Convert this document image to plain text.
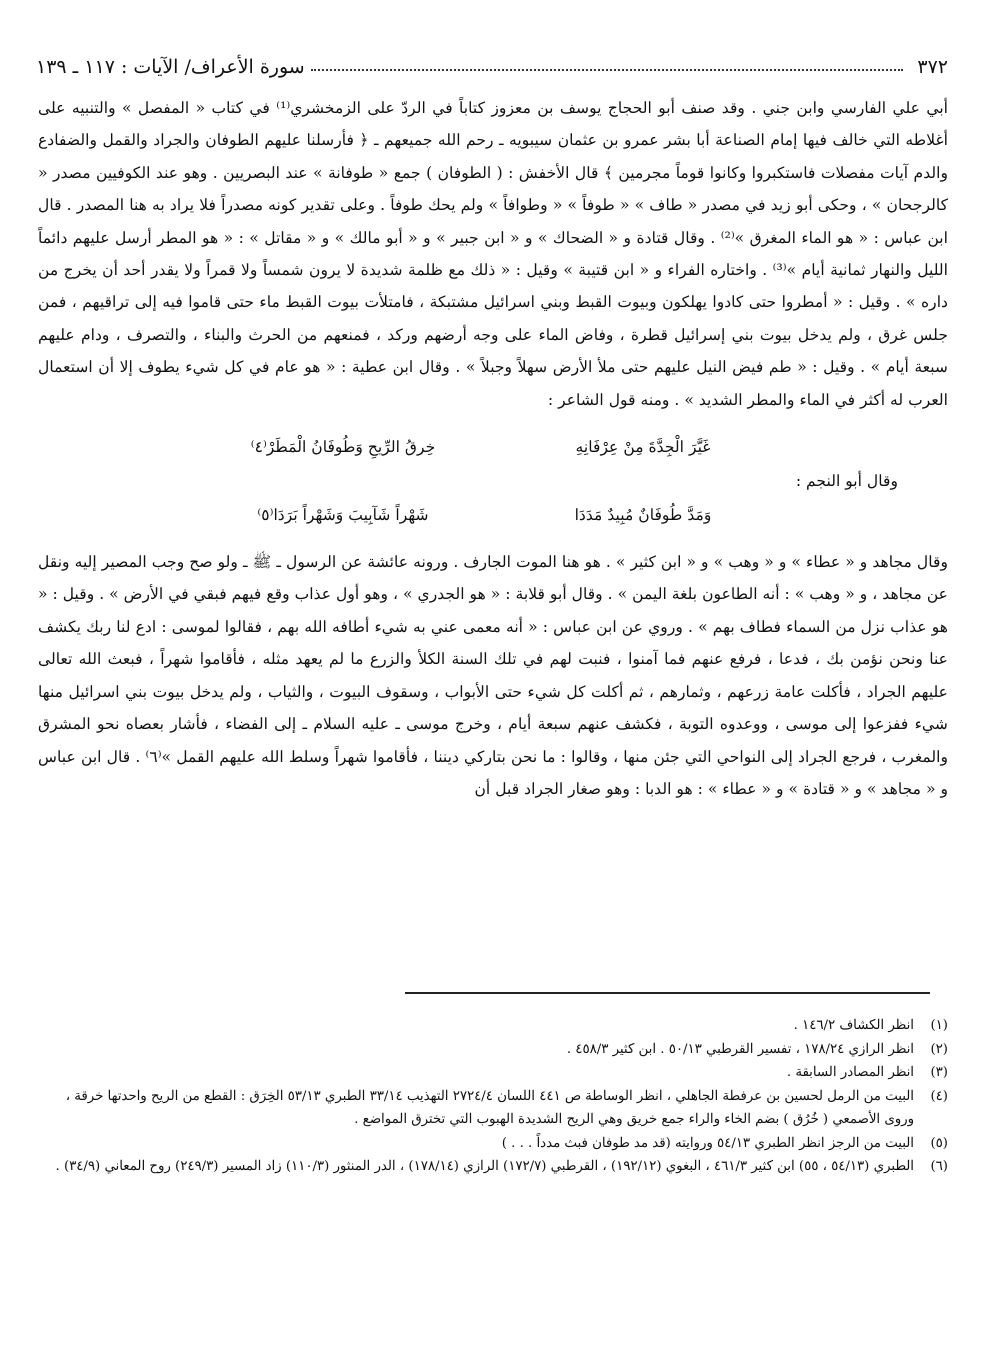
٣٧٢
سورة الأعراف/ الآيات : ١١٧ ـ ١٣٩

أبي علي الفارسي وابن جني . وقد صنف أبو الحجاج يوسف بن معزوز كتاباً في الردّ على الزمخشري⁽¹⁾ في كتاب « المفصل » والتنبيه على أغلاطه التي خالف فيها إمام الصناعة أبا بشر عمرو بن عثمان سيبويه ـ رحم الله جميعهم ـ ﴿ فأرسلنا عليهم الطوفان والجراد والقمل والضفادع والدم آيات مفصلات فاستكبروا وكانوا قوماً مجرمين ﴾ قال الأخفش : ( الطوفان ) جمع « طوفانة » عند البصريين . وهو عند الكوفيين مصدر « كالرجحان » ، وحكى أبو زيد في مصدر « طاف » « طوفاً » « وطوافاً » ولم يحك طوفاً . وعلى تقدير كونه مصدراً فلا يراد به هنا المصدر . قال ابن عباس : « هو الماء المغرق »⁽²⁾ . وقال قتادة و « الضحاك » و « ابن جبير » و « أبو مالك » و « مقاتل » : « هو المطر أرسل عليهم دائماً الليل والنهار ثمانية أيام »⁽³⁾ . واختاره الفراء و « ابن قتيبة » وقيل : « ذلك مع ظلمة شديدة لا يرون شمساً ولا قمراً ولا يقدر أحد أن يخرج من داره » . وقيل : « أمطروا حتى كادوا يهلكون وبيوت القبط وبني اسرائيل مشتبكة ، فامتلأت بيوت القبط ماء حتى قاموا فيه إلى تراقيهم ، فمن جلس غرق ، ولم يدخل بيوت بني إسرائيل قطرة ، وفاض الماء على وجه أرضهم وركد ، فمنعهم من الحرث والبناء ، والتصرف ، ودام عليهم سبعة أيام » . وقيل : « طم فيض النيل عليهم حتى ملأ الأرض سهلاً وجبلاً » . وقال ابن عطية : « هو عام في كل شيء يطوف إلا أن استعمال العرب له أكثر في الماء والمطر الشديد » . ومنه قول الشاعر :

غَيَّرَ الْجِدَّةَ مِنْ عِرْفَانِهِ
خِرقُ الرِّيحِ وَطُوفَانُ الْمَطَرْ⁽٤⁾
وقال أبو النجم :
وَمَدَّ طُوفَانٌ مُبِيدٌ مَدَدَا
شَهْراً شَآبِيبَ وَشَهْراً بَرَدَا⁽٥⁾

وقال مجاهد و « عطاء » و « وهب » و « ابن كثير » . هو هنا الموت الجارف . ورونه عائشة عن الرسول ـ ﷺ ـ ولو صح وجب المصير إليه ونقل عن مجاهد ، و « وهب » : أنه الطاعون بلغة اليمن » . وقال أبو قلابة : « هو الجدري » ، وهو أول عذاب وقع فيهم فبقي في الأرض » . وقيل : « هو عذاب نزل من السماء فطاف بهم » . وروي عن ابن عباس : « أنه معمى عني به شيء أطافه الله بهم ، فقالوا لموسى : ادع لنا ربك يكشف عنا ونحن نؤمن بك ، فدعا ، فرفع عنهم فما آمنوا ، فنبت لهم في تلك السنة الكلأ والزرع ما لم يعهد مثله ، فأقاموا شهراً ، فبعث الله تعالى عليهم الجراد ، فأكلت عامة زرعهم ، وثمارهم ، ثم أكلت كل شيء حتى الأبواب ، وسقوف البيوت ، والثياب ، ولم يدخل بيوت بني اسرائيل منها شيء ففزعوا إلى موسى ، ووعدوه التوبة ، فكشف عنهم سبعة أيام ، وخرج موسى ـ عليه السلام ـ إلى الفضاء ، فأشار بعصاه نحو المشرق والمغرب ، فرجع الجراد إلى النواحي التي جئن منها ، وقالوا : ما نحن بتاركي ديننا ، فأقاموا شهراً وسلط الله عليهم القمل »⁽٦⁾ . قال ابن عباس و « مجاهد » و « قتادة » و « عطاء » : هو الدبا : وهو صغار الجراد قبل أن

(١)
انظر الكشاف ١٤٦/٢ .
(٢)
انظر الرازي ١٧٨/٢٤ ، تفسير القرطبي ٥٠/١٣ . ابن كثير ٤٥٨/٣ .
(٣)
انظر المصادر السابقة .
(٤)
البيت من الرمل لحسين بن عرفطة الجاهلي ، انظر الوساطة ص ٤٤١ اللسان ٢٧٢٤/٤ التهذيب ٣٣/١٤ الطبري ٥٣/١٣ الخِرَق : القطع من الريح واحدتها خرقة ، وروى الأصمعي ( خُرُق ) بضم الخاء والراء جمع خريق وهي الريح الشديدة الهبوب التي تخترق المواضع .
(٥)
البيت من الرجز انظر الطبري ٥٤/١٣ وروايته (قد مد طوفان فبث مدداً . . . )
(٦)
الطبري (٥٤/١٣ ، ٥٥) ابن كثير ٤٦١/٣ ، البغوي (١٩٢/١٢) ، القرطبي (١٧٢/٧) الرازي (١٧٨/١٤) ، الدر المنثور (١١٠/٣) زاد المسير (٢٤٩/٣) روح المعاني (٣٤/٩) .
